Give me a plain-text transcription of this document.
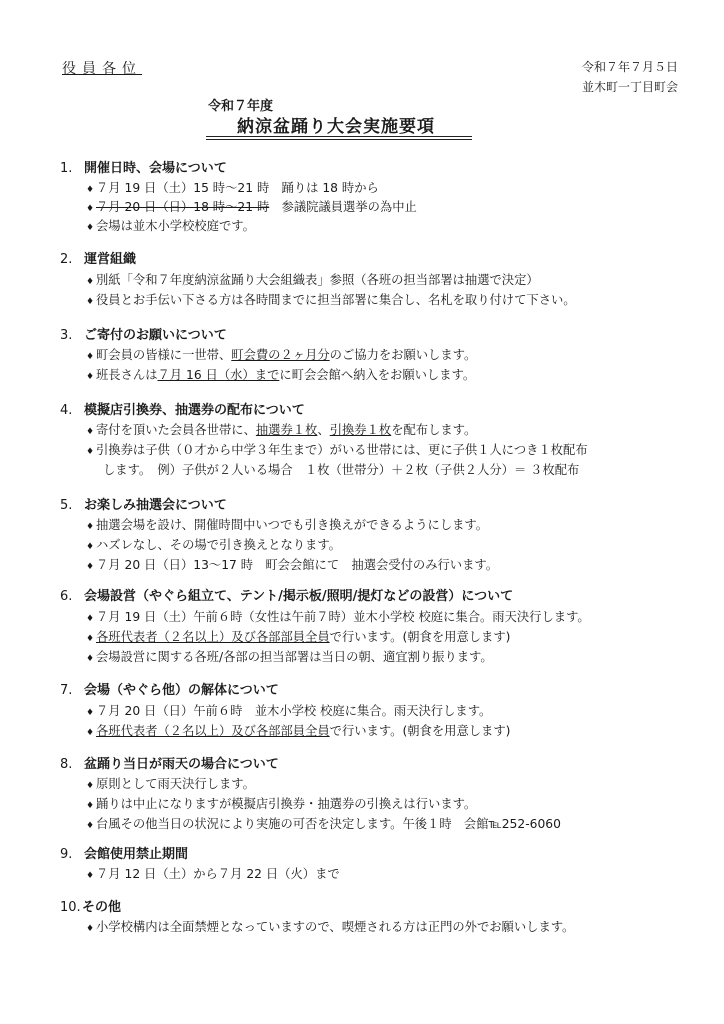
役員各位	令和７年７月５日
並木町一丁目町会
令和７年度
納涼盆踊り大会実施要項
1. 開催日時、会場について
♦ ７月 19 日（土）15 時～21 時　踊りは 18 時から
♦ ７月 20 日（日）18 時～21 時　参議院議員選挙の為中止
♦ 会場は並木小学校校庭です。
2. 運営組織
♦ 別紙「令和７年度納涼盆踊り大会組織表」参照（各班の担当部署は抽選で決定）
♦ 役員とお手伝い下さる方は各時間までに担当部署に集合し、名札を取り付けて下さい。
3. ご寄付のお願いについて
♦ 町会員の皆様に一世帯、町会費の２ヶ月分のご協力をお願いします。
♦ 班長さんは７月 16 日（水）までに町会会館へ納入をお願いします。
4. 模擬店引換券、抽選券の配布について
♦ 寄付を頂いた会員各世帯に、抽選券１枚、引換券１枚を配布します。
♦ 引換券は子供（０才から中学３年生まで）がいる世帯には、更に子供１人につき１枚配布
します。　例）子供が２人いる場合　１枚（世帯分）＋２枚（子供２人分）＝ ３枚配布
5. お楽しみ抽選会について
♦ 抽選会場を設け、開催時間中いつでも引き換えができるようにします。
♦ ハズレなし、その場で引き換えとなります。
♦ ７月 20 日（日）13～17 時　町会会館にて　抽選会受付のみ行います。
6. 会場設営（やぐら組立て、テント/掲示板/照明/提灯などの設営）について
♦ ７月 19 日（土）午前６時（女性は午前７時）並木小学校 校庭に集合。雨天決行します。
♦ 各班代表者（２名以上）及び各部部員全員で行います。(朝食を用意します)
♦ 会場設営に関する各班/各部の担当部署は当日の朝、適宜割り振ります。
7. 会場（やぐら他）の解体について
♦ ７月 20 日（日）午前６時　並木小学校 校庭に集合。雨天決行します。
♦ 各班代表者（２名以上）及び各部部員全員で行います。(朝食を用意します)
8. 盆踊り当日が雨天の場合について
♦ 原則として雨天決行します。
♦ 踊りは中止になりますが模擬店引換券・抽選券の引換えは行います。
♦ 台風その他当日の状況により実施の可否を決定します。午後１時　会館℡252-6060
9. 会館使用禁止期間
♦ ７月 12 日（土）から７月 22 日（火）まで
10.その他
♦ 小学校構内は全面禁煙となっていますので、喫煙される方は正門の外でお願いします。
